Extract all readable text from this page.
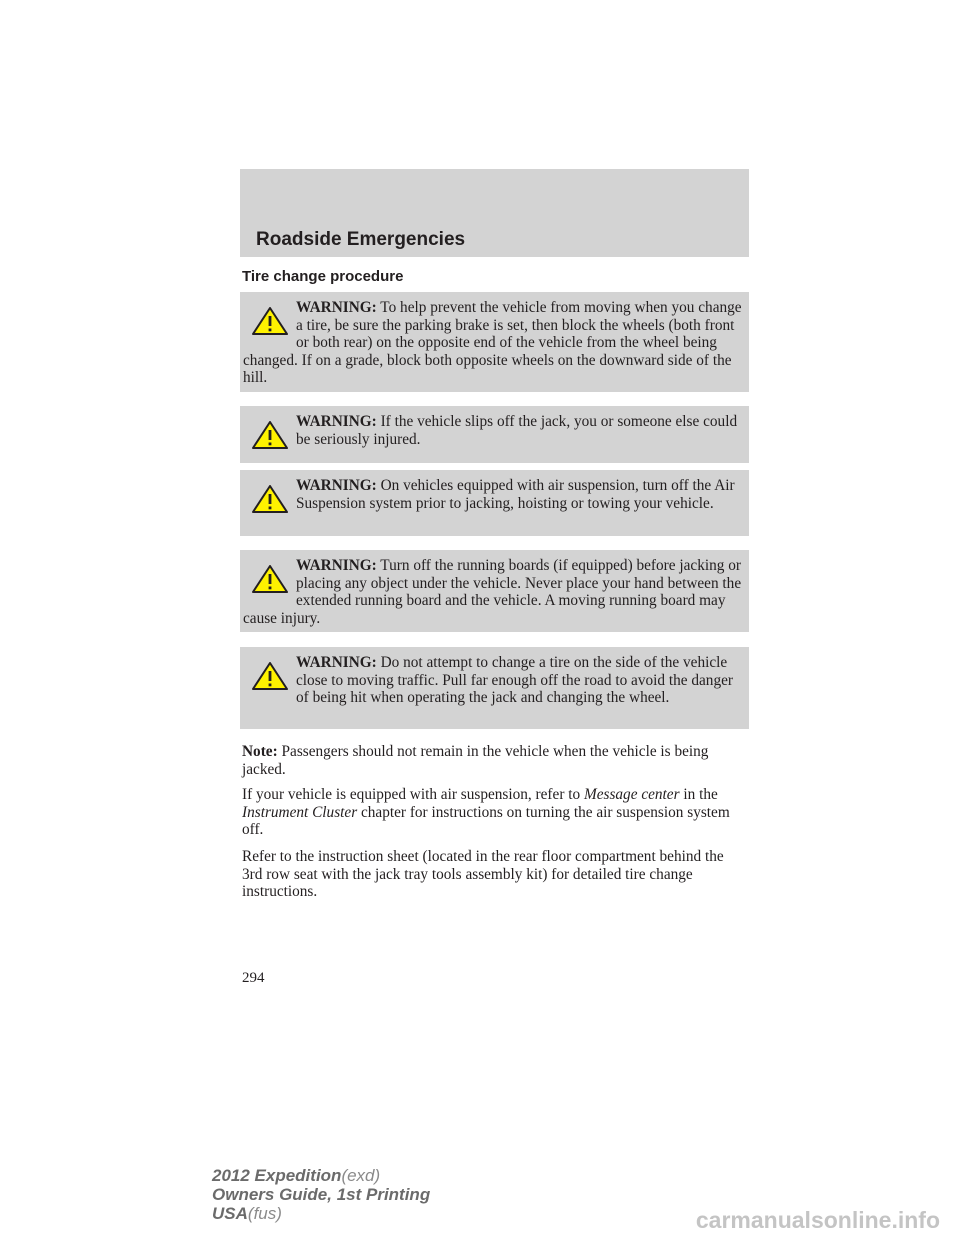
Roadside Emergencies
Tire change procedure
WARNING: To help prevent the vehicle from moving when you change a tire, be sure the parking brake is set, then block the wheels (both front or both rear) on the opposite end of the vehicle from the wheel being changed. If on a grade, block both opposite wheels on the downward side of the hill.
WARNING: If the vehicle slips off the jack, you or someone else could be seriously injured.
WARNING: On vehicles equipped with air suspension, turn off the Air Suspension system prior to jacking, hoisting or towing your vehicle.
WARNING: Turn off the running boards (if equipped) before jacking or placing any object under the vehicle. Never place your hand between the extended running board and the vehicle. A moving running board may cause injury.
WARNING: Do not attempt to change a tire on the side of the vehicle close to moving traffic. Pull far enough off the road to avoid the danger of being hit when operating the jack and changing the wheel.

Note: Passengers should not remain in the vehicle when the vehicle is being jacked.

If your vehicle is equipped with air suspension, refer to Message center in the Instrument Cluster chapter for instructions on turning the air suspension system off.

Refer to the instruction sheet (located in the rear floor compartment behind the 3rd row seat with the jack tray tools assembly kit) for detailed tire change instructions.

294
2012 Expedition(exd)
Owners Guide, 1st Printing
USA(fus)	carmanualsonline.info
